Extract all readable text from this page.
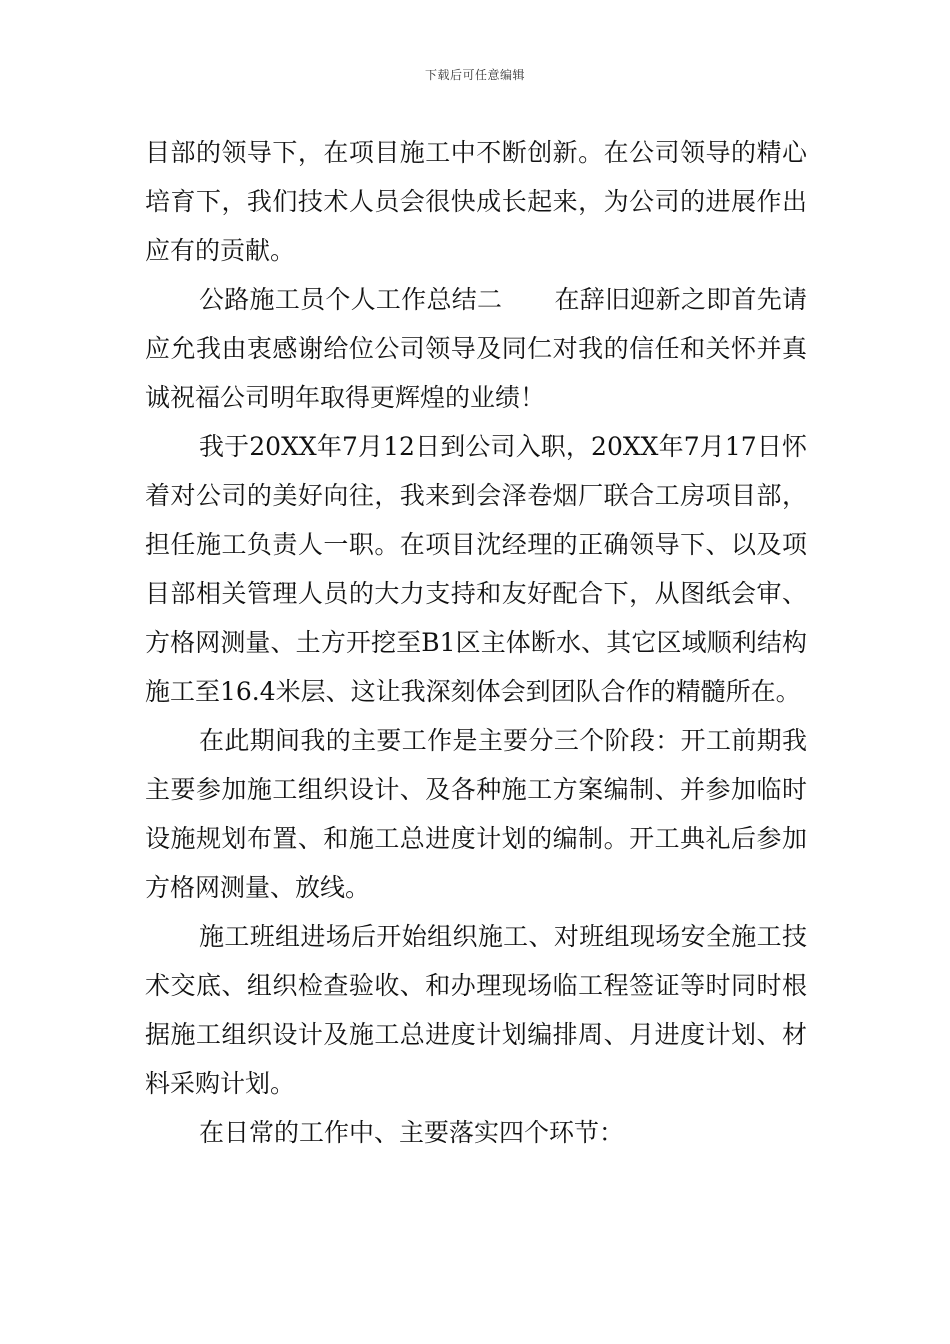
下载后可任意编辑

目部的领导下，在项目施工中不断创新。在公司领导的精心培育下，我们技术人员会很快成长起来，为公司的进展作出应有的贡献。

公路施工员个人工作总结二 在辞旧迎新之即首先请应允我由衷感谢给位公司领导及同仁对我的信任和关怀并真诚祝福公司明年取得更辉煌的业绩！

我于20XX年7月12日到公司入职，20XX年7月17日怀着对公司的美好向往，我来到会泽卷烟厂联合工房项目部，担任施工负责人一职。在项目沈经理的正确领导下、以及项目部相关管理人员的大力支持和友好配合下，从图纸会审、方格网测量、土方开挖至B1区主体断水、其它区域顺利结构施工至16.4米层、这让我深刻体会到团队合作的精髓所在。

在此期间我的主要工作是主要分三个阶段：开工前期我主要参加施工组织设计、及各种施工方案编制、并参加临时设施规划布置、和施工总进度计划的编制。开工典礼后参加方格网测量、放线。

施工班组进场后开始组织施工、对班组现场安全施工技术交底、组织检查验收、和办理现场临工程签证等时同时根据施工组织设计及施工总进度计划编排周、月进度计划、材料采购计划。

在日常的工作中、主要落实四个环节：
